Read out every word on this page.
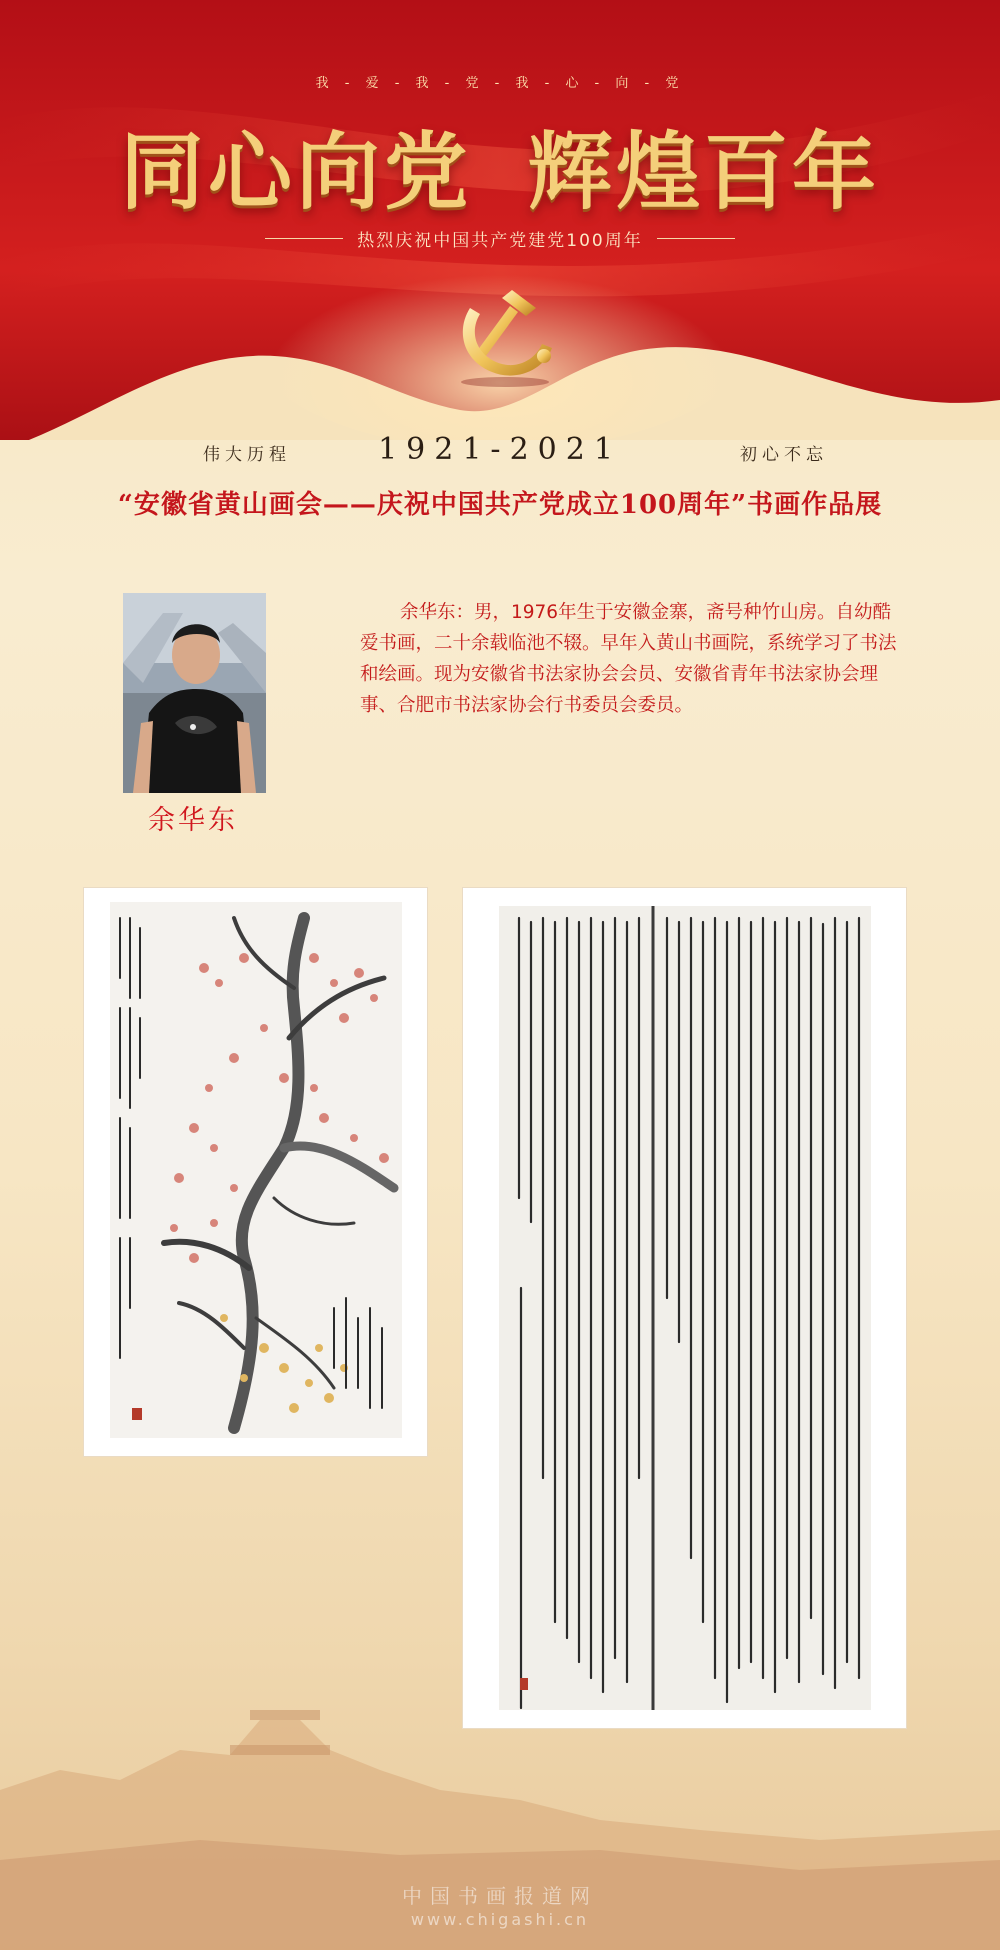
我 - 爱 - 我 - 党 - 我 - 心 - 向 - 党
同心向党 辉煌百年
热烈庆祝中国共产党建党100周年
伟大历程	1921-2021	初心不忘
“安徽省黄山画会——庆祝中国共产党成立100周年”书画作品展
余华东
余华东：男，1976年生于安徽金寨，斋号种竹山房。自幼酷爱书画，二十余载临池不辍。早年入黄山书画院，系统学习了书法和绘画。现为安徽省书法家协会会员、安徽省青年书法家协会理事、合肥市书法家协会行书委员会委员。
中国书画报道网
www.chigashi.cn
